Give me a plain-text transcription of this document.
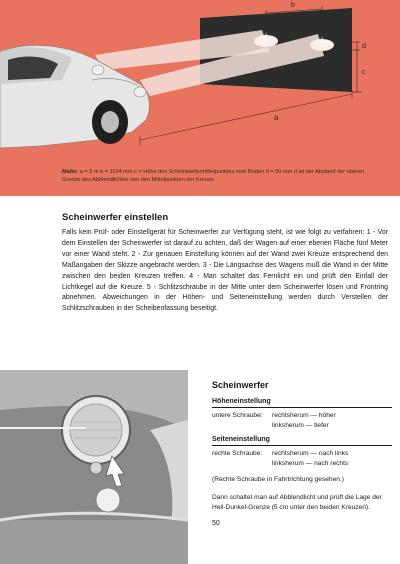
b
d
c
a
Maße: a = 5 m b = 1104 mm c = Höhe des Scheinwerfermittelpunktes vom Boden d = 50 mm d ist der Abstand der oberen Grenze des Abblendlichtes von den Mittelpunkten der Kreuze
Scheinwerfer einstellen
Falls kein Prüf- oder Einstellgerät für Scheinwerfer zur Verfügung steht, ist wie folgt zu verfahren: 1 - Vor dem Einstellen der Scheinwerfer ist darauf zu achten, daß der Wagen auf einer ebenen Fläche fünf Meter vor einer Wand steht. 2 - Zur genauen Einstellung können auf der Wand zwei Kreuze entsprechend den Maßangaben der Skizze angebracht werden. 3 - Die Längsachse des Wagens muß die Wand in der Mitte zwischen den beiden Kreuzen treffen. 4 - Man schaltet das Fernlicht ein und prüft den Einfall der Lichtkegel auf die Kreuze. 5 - Schlitzschraube in der Mitte unter dem Scheinwerfer lösen und Frontring abnehmen. Abweichungen in der Höhen- und Seiteneinstellung werden durch Verstellen der Schlitzschrauben in der Scheibenfassung beseitigt.
Scheinwerfer
Höheneinstellung
untere Schraube:	rechtsherum — höher
linksherum — tiefer
Seiteneinstellung
rechte Schraube:	rechtsherum — nach links
linksherum — nach rechts
(Rechte Schraube in Fahrtrichtung gesehen.)
Dann schaltet man auf Abblendlicht und prüft die Lage der Hell-Dunkel-Grenze (5 cm unter den beiden Kreuzen).
50
